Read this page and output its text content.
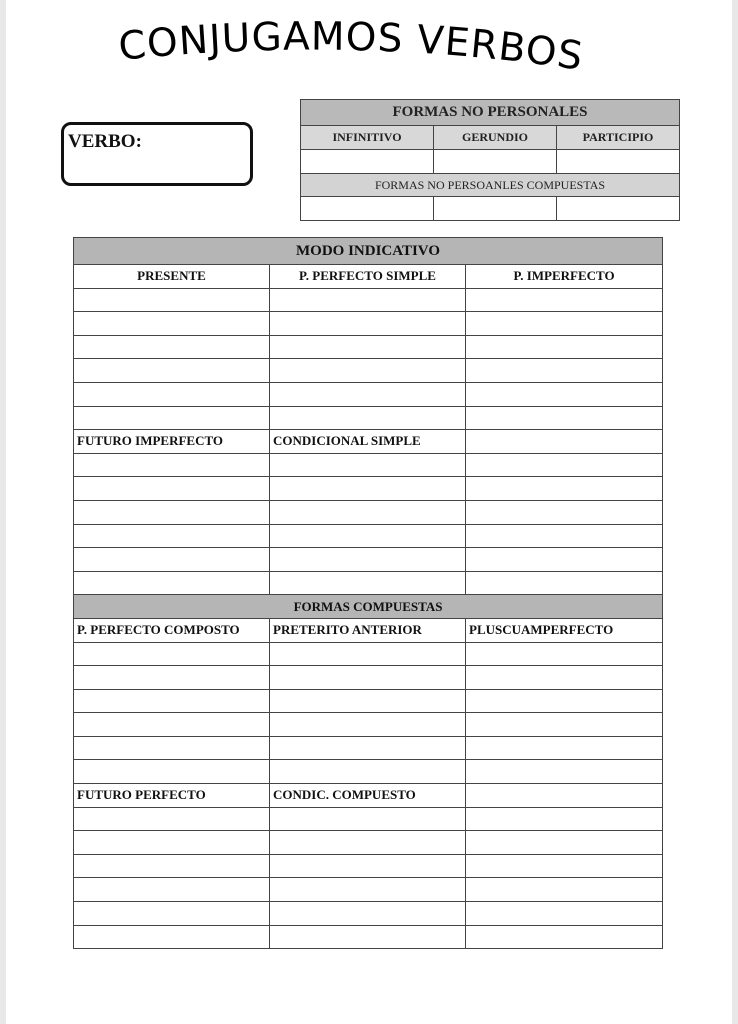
CONJUGAMOS VERBOS
VERBO:
FORMAS NO PERSONALES		
INFINITIVO	GERUNDIO	PARTICIPIO

FORMAS NO PERSOANLES COMPUESTAS		

MODO INDICATIVO		
PRESENTE	P. PERFECTO SIMPLE	P. IMPERFECTO

FUTURO IMPERFECTO	CONDICIONAL SIMPLE	

FORMAS COMPUESTAS		
P. PERFECTO COMPOSTO	PRETERITO ANTERIOR	PLUSCUAMPERFECTO

FUTURO PERFECTO	CONDIC. COMPUESTO	
